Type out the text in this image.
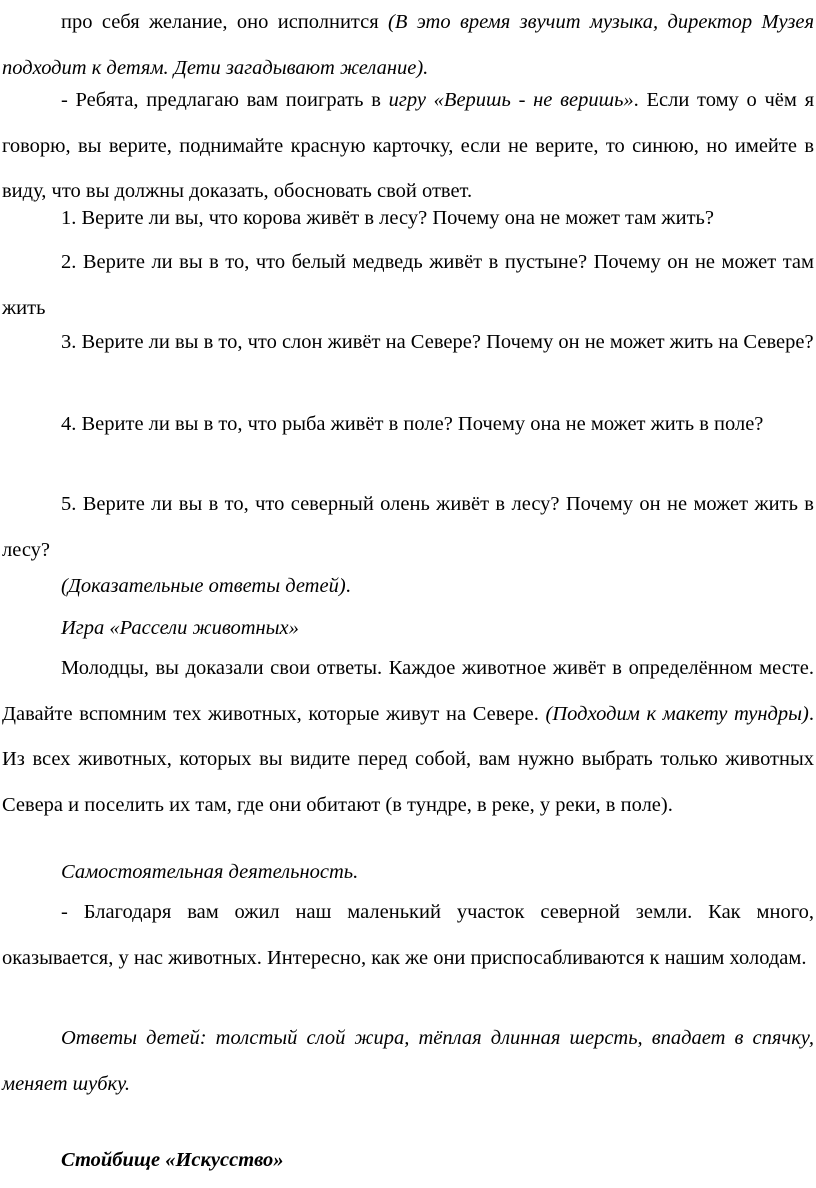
про себя желание, оно исполнится (В это время звучит музыка, директор Музея подходит к детям. Дети загадывают желание).

- Ребята, предлагаю вам поиграть в игру «Веришь - не веришь». Если тому о чём я говорю, вы верите, поднимайте красную карточку, если не верите, то синюю, но имейте в виду, что вы должны доказать, обосновать свой ответ.

1. Верите ли вы, что корова живёт в лесу? Почему она не может там жить?

2. Верите ли вы в то, что белый медведь живёт в пустыне? Почему он не может там жить

3. Верите ли вы в то, что слон живёт на Севере? Почему он не может жить на Севере?

4. Верите ли вы в то, что рыба живёт в поле? Почему она не может жить в поле?

5. Верите ли вы в то, что северный олень живёт в лесу? Почему он не может жить в лесу?

(Доказательные ответы детей).

Игра «Рассели животных»

Молодцы, вы доказали свои ответы. Каждое животное живёт в определённом месте. Давайте вспомним тех животных, которые живут на Севере. (Подходим к макету тундры). Из всех животных, которых вы видите перед собой, вам нужно выбрать только животных Севера и поселить их там, где они обитают (в тундре, в реке, у реки, в поле).

Самостоятельная деятельность.

- Благодаря вам ожил наш маленький участок северной земли. Как много, оказывается, у нас животных. Интересно, как же они приспосабливаются к нашим холодам.

Ответы детей: толстый слой жира, тёплая длинная шерсть, впадает в спячку, меняет шубку.

Стойбище «Искусство»
